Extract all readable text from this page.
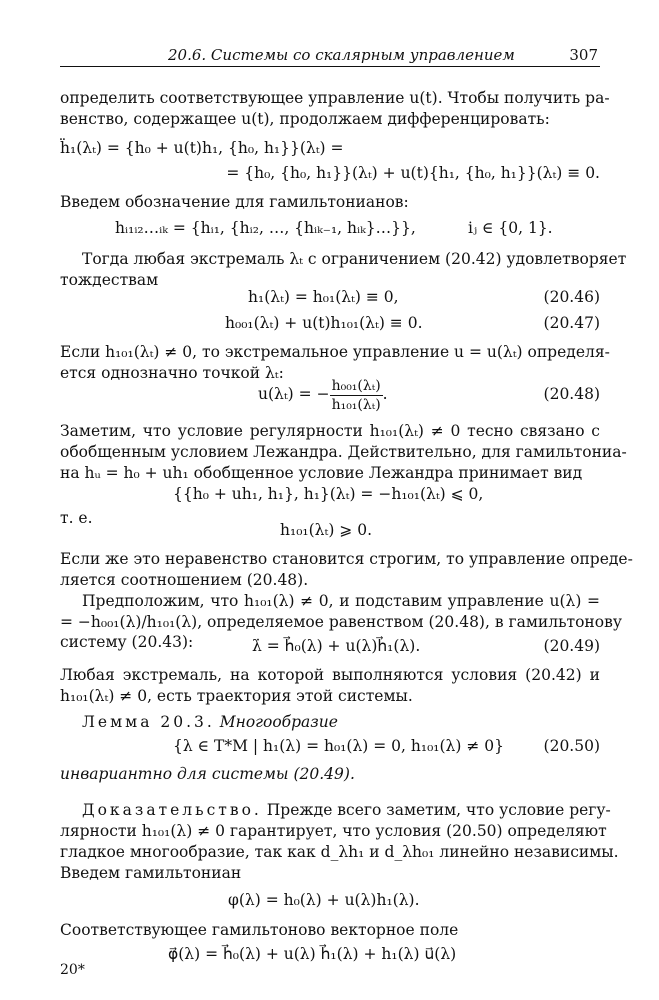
20.6. Системы со скалярным управлением	307
определить соответствующее управление u(t). Чтобы получить ра-
венство, содержащее u(t), продолжаем дифференцировать:
ḧ₁(λₜ) = {h₀ + u(t)h₁, {h₀, h₁}}(λₜ) =
= {h₀, {h₀, h₁}}(λₜ) + u(t){h₁, {h₀, h₁}}(λₜ) ≡ 0.
Введем обозначение для гамильтонианов:
hᵢ₁ᵢ₂…ᵢₖ = {hᵢ₁, {hᵢ₂, …, {hᵢₖ₋₁, hᵢₖ}…}},	iⱼ ∈ {0, 1}.
Тогда любая экстремаль λₜ с ограничением (20.42) удовлетворяет
тождествам
h₁(λₜ) = h₀₁(λₜ) ≡ 0,	(20.46)
h₀₀₁(λₜ) + u(t)h₁₀₁(λₜ) ≡ 0.	(20.47)
Если h₁₀₁(λₜ) ≠ 0, то экстремальное управление u = u(λₜ) определя-
ется однозначно точкой λₜ:
u(λₜ) = − $\frac{\text{h₀₀₁(λₜ)}}{\text{h₁₀₁(λₜ)}}$ .	(20.48)
Заметим, что условие регулярности h₁₀₁(λₜ) ≠ 0 тесно связано с
обобщенным условием Лежандра. Действительно, для гамильтониа-
на hᵤ = h₀ + uh₁ обобщенное условие Лежандра принимает вид
{{h₀ + uh₁, h₁}, h₁}(λₜ) = −h₁₀₁(λₜ) ⩽ 0,
т. е.
h₁₀₁(λₜ) ⩾ 0.
Если же это неравенство становится строгим, то управление опреде-
ляется соотношением (20.48).
Предположим, что h₁₀₁(λ) ≠ 0, и подставим управление u(λ) =
= −h₀₀₁(λ)/h₁₀₁(λ), определяемое равенством (20.48), в гамильтонову
систему (20.43):	λ̇ = h⃗₀(λ) + u(λ)h⃗₁(λ).	(20.49)
Любая экстремаль, на которой выполняются условия (20.42) и
h₁₀₁(λₜ) ≠ 0, есть траектория этой системы.
Лемма 20.3. Многообразие
{λ ∈ T*M | h₁(λ) = h₀₁(λ) = 0, h₁₀₁(λ) ≠ 0}	(20.50)
инвариантно для системы (20.49).
Доказательство. Прежде всего заметим, что условие регу-
лярности h₁₀₁(λ) ≠ 0 гарантирует, что условия (20.50) определяют
гладкое многообразие, так как d_λh₁ и d_λh₀₁ линейно независимы.
Введем гамильтониан
φ(λ) = h₀(λ) + u(λ)h₁(λ).
Соответствующее гамильтоново векторное поле
φ⃗(λ) = h⃗₀(λ) + u(λ) h⃗₁(λ) + h₁(λ) u⃗(λ)
20*
